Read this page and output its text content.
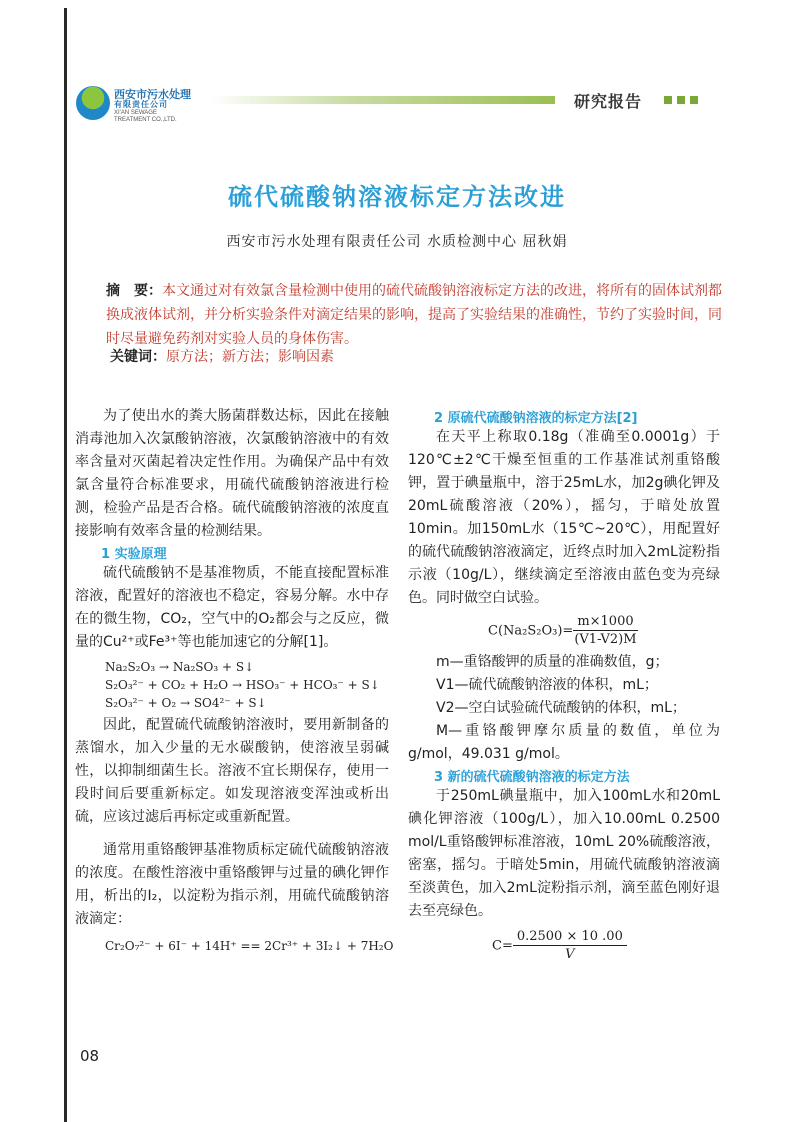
西安市污水处理
有限责任公司
XI'AN SEWAGE
TREATMENT CO.,LTD.
研究报告
硫代硫酸钠溶液标定方法改进
西安市污水处理有限责任公司 水质检测中心 屈秋娟
摘　要：本文通过对有效氯含量检测中使用的硫代硫酸钠溶液标定方法的改进，将所有的固体试剂都换成液体试剂，并分析实验条件对滴定结果的影响，提高了实验结果的准确性，节约了实验时间，同时尽量避免药剂对实验人员的身体伤害。
关键词：原方法；新方法；影响因素

为了使出水的粪大肠菌群数达标，因此在接触消毒池加入次氯酸钠溶液，次氯酸钠溶液中的有效率含量对灭菌起着决定性作用。为确保产品中有效氯含量符合标准要求，用硫代硫酸钠溶液进行检测，检验产品是否合格。硫代硫酸钠溶液的浓度直接影响有效率含量的检测结果。

1 实验原理

硫代硫酸钠不是基准物质，不能直接配置标准溶液，配置好的溶液也不稳定，容易分解。水中存在的微生物，CO₂，空气中的O₂都会与之反应，微量的Cu²⁺或Fe³⁺等也能加速它的分解[1]。

Na₂S₂O₃ → Na₂SO₃ + S↓
S₂O₃²⁻ + CO₂ + H₂O → HSO₃⁻ + HCO₃⁻ + S↓
S₂O₃²⁻ + O₂ → SO4²⁻ + S↓

因此，配置硫代硫酸钠溶液时，要用新制备的蒸馏水，加入少量的无水碳酸钠，使溶液呈弱碱性，以抑制细菌生长。溶液不宜长期保存，使用一段时间后要重新标定。如发现溶液变浑浊或析出硫，应该过滤后再标定或重新配置。

通常用重铬酸钾基准物质标定硫代硫酸钠溶液的浓度。在酸性溶液中重铬酸钾与过量的碘化钾作用，析出的I₂，以淀粉为指示剂，用硫代硫酸钠溶液滴定：

Cr₂O₇²⁻ + 6I⁻ + 14H⁺ == 2Cr³⁺ + 3I₂↓ + 7H₂O

2 原硫代硫酸钠溶液的标定方法[2]

在天平上称取0.18g（准确至0.0001g）于120℃±2℃干燥至恒重的工作基准试剂重铬酸钾，置于碘量瓶中，溶于25mL水，加2g碘化钾及20mL硫酸溶液（20%），摇匀，于暗处放置10min。加150mL水（15℃~20℃），用配置好的硫代硫酸钠溶液滴定，近终点时加入2mL淀粉指示液（10g/L），继续滴定至溶液由蓝色变为亮绿色。同时做空白试验。

$C(Na_2S_2O_3)= \frac{m\times 1000}{(V1-V2)M}$

m—重铬酸钾的质量的准确数值，g；

V1—硫代硫酸钠溶液的体积，mL；

V2—空白试验硫代硫酸钠的体积，mL；

M—重铬酸钾摩尔质量的数值，单位为g/mol，49.031 g/mol。

3 新的硫代硫酸钠溶液的标定方法

于250mL碘量瓶中，加入100mL水和20mL碘化钾溶液（100g/L），加入10.00mL 0.2500 mol/L重铬酸钾标准溶液，10mL 20%硫酸溶液，密塞，摇匀。于暗处5min，用硫代硫酸钠溶液滴至淡黄色，加入2mL淀粉指示剂，滴至蓝色刚好退去至亮绿色。

$C= \frac{0.2500 \times 10 .00}{V}$
08
